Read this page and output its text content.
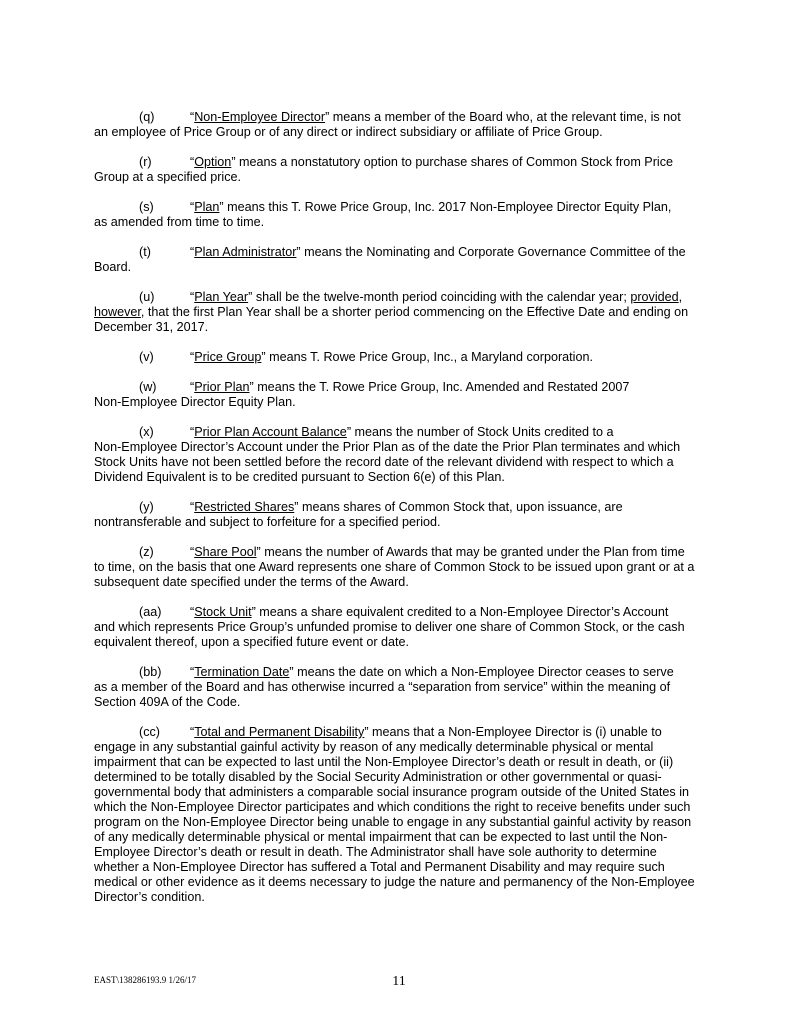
(q)	“Non-Employee Director” means a member of the Board who, at the relevant time, is not
an employee of Price Group or of any direct or indirect subsidiary or affiliate of Price Group.

(r)	“Option” means a nonstatutory option to purchase shares of Common Stock from Price
Group at a specified price.

(s)	“Plan” means this T. Rowe Price Group, Inc. 2017 Non-Employee Director Equity Plan,
as amended from time to time.

(t)	“Plan Administrator” means the Nominating and Corporate Governance Committee of the
Board.

(u)	“Plan Year” shall be the twelve-month period coinciding with the calendar year; provided,
however, that the first Plan Year shall be a shorter period commencing on the Effective Date and ending on December 31, 2017.

(v)	“Price Group” means T. Rowe Price Group, Inc., a Maryland corporation.

(w)	“Prior Plan” means the T. Rowe Price Group, Inc. Amended and Restated 2007
Non-Employee Director Equity Plan.

(x)	“Prior Plan Account Balance” means the number of Stock Units credited to a
Non-Employee Director’s Account under the Prior Plan as of the date the Prior Plan terminates and which Stock Units have not been settled before the record date of the relevant dividend with respect to which a Dividend Equivalent is to be credited pursuant to Section 6(e) of this Plan.

(y)	“Restricted Shares” means shares of Common Stock that, upon issuance, are
nontransferable and subject to forfeiture for a specified period.

(z)	“Share Pool” means the number of Awards that may be granted under the Plan from time
to time, on the basis that one Award represents one share of Common Stock to be issued upon grant or at a subsequent date specified under the terms of the Award.

(aa) “Stock Unit” means a share equivalent credited to a Non-Employee Director’s Account
and which represents Price Group’s unfunded promise to deliver one share of Common Stock, or the cash equivalent thereof, upon a specified future event or date.

(bb) “Termination Date” means the date on which a Non-Employee Director ceases to serve
as a member of the Board and has otherwise incurred a “separation from service” within the meaning of Section 409A of the Code.

(cc) “Total and Permanent Disability” means that a Non-Employee Director is (i) unable to
engage in any substantial gainful activity by reason of any medically determinable physical or mental impairment that can be expected to last until the Non-Employee Director’s death or result in death, or (ii) determined to be totally disabled by the Social Security Administration or other governmental or quasi-governmental body that administers a comparable social insurance program outside of the United States in which the Non-Employee Director participates and which conditions the right to receive benefits under such program on the Non-Employee Director being unable to engage in any substantial gainful activity by reason of any medically determinable physical or mental impairment that can be expected to last until the Non-Employee Director’s death or result in death. The Administrator shall have sole authority to determine whether a Non-Employee Director has suffered a Total and Permanent Disability and may require such medical or other evidence as it deems necessary to judge the nature and permanency of the Non-Employee Director’s condition.

EAST\138286193.9 1/26/17	11
